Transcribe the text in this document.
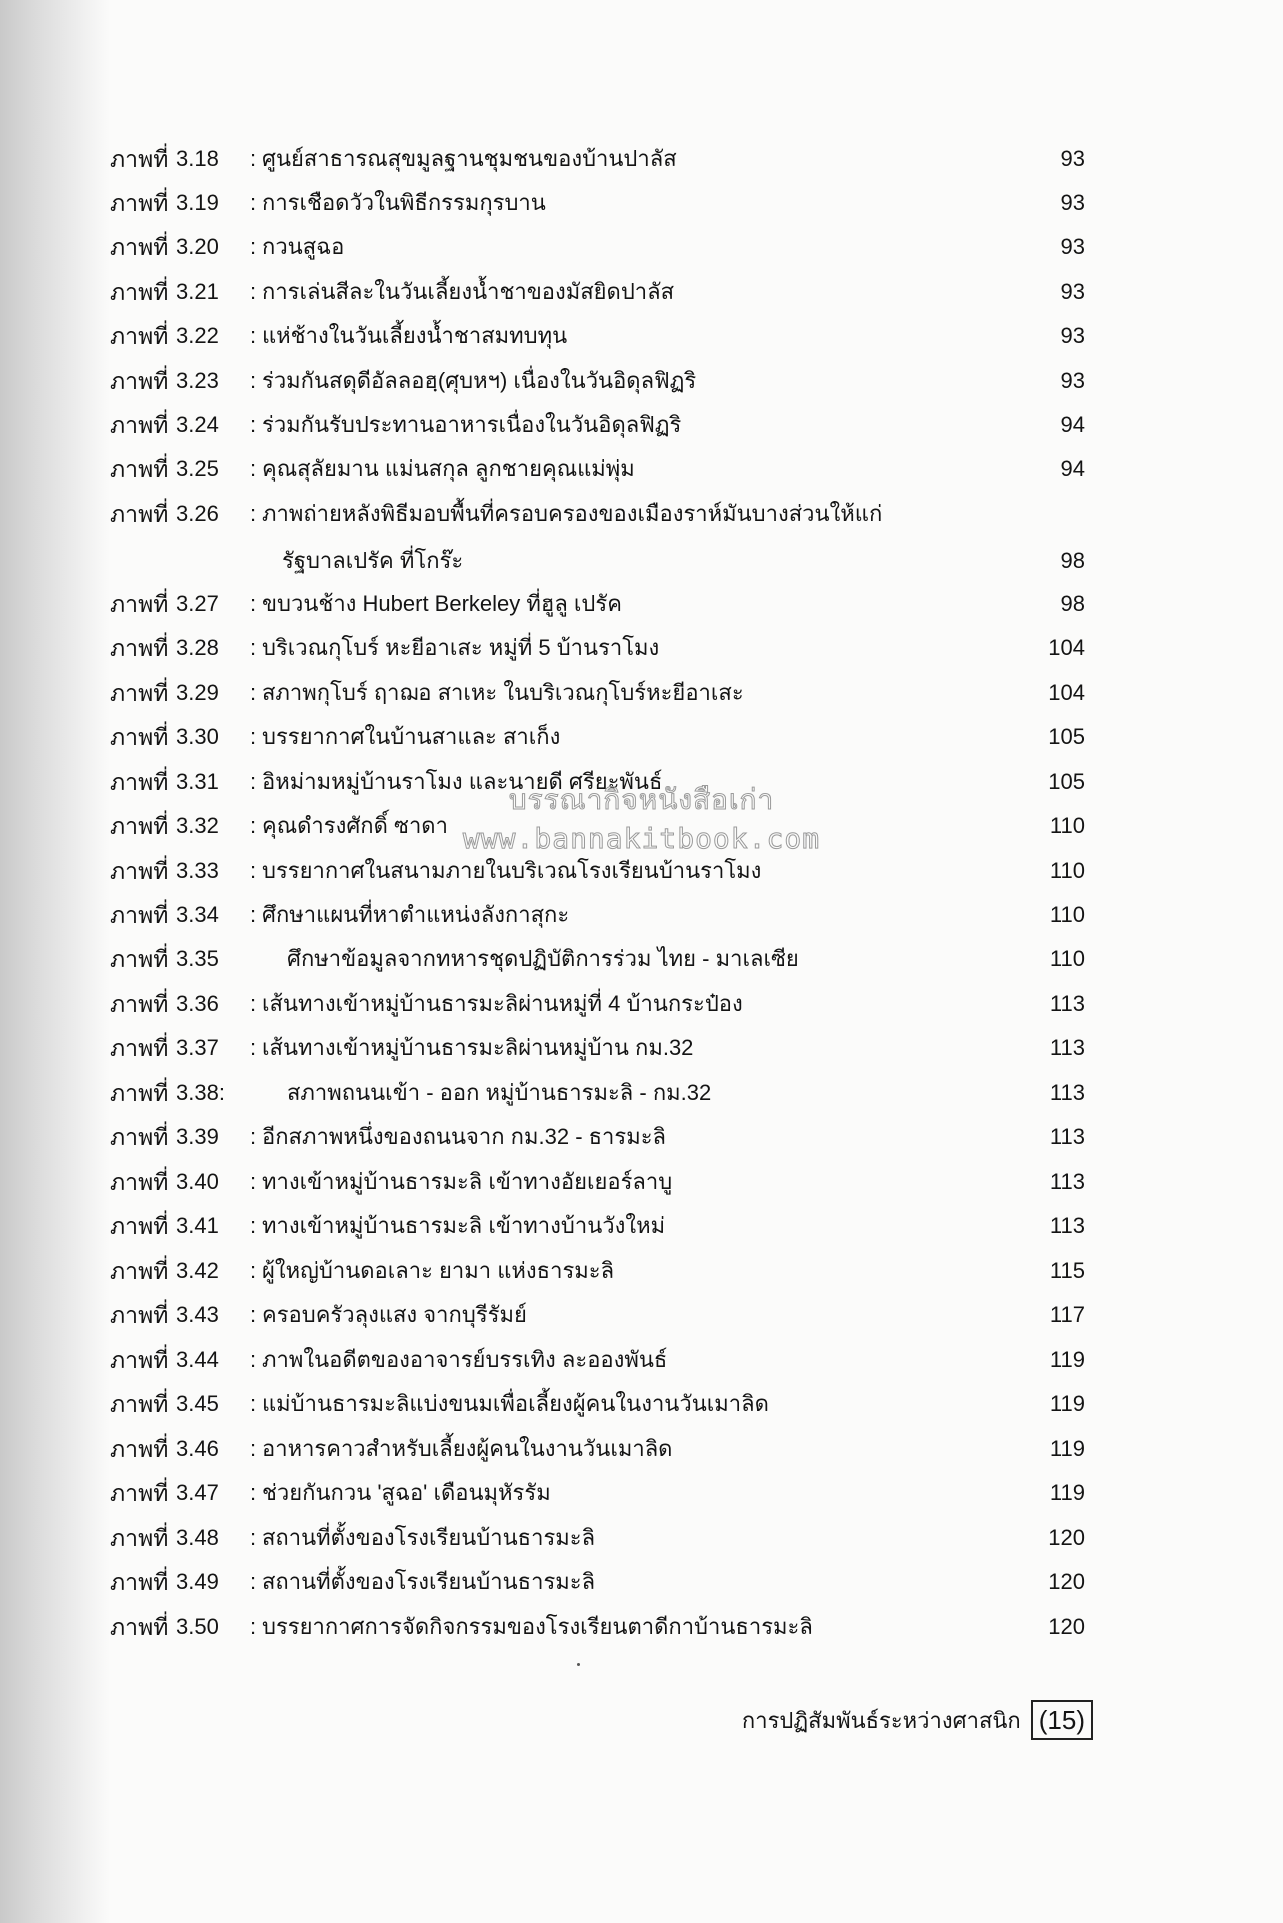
ภาพที่ 3.18 : ศูนย์สาธารณสุขมูลฐานชุมชนของบ้านปาลัส	93
ภาพที่ 3.19 : การเชือดวัวในพิธีกรรมกุรบาน	93
ภาพที่ 3.20 : กวนสูฉอ	93
ภาพที่ 3.21 : การเล่นสีละในวันเลี้ยงน้ำชาของมัสยิดปาลัส	93
ภาพที่ 3.22 : แห่ช้างในวันเลี้ยงน้ำชาสมทบทุน	93
ภาพที่ 3.23 : ร่วมกันสดุดีอัลลอฮฺ(ศุบหฯ) เนื่องในวันอิดุลฟิฏริ	93
ภาพที่ 3.24 : ร่วมกันรับประทานอาหารเนื่องในวันอิดุลฟิฏริ	94
ภาพที่ 3.25 : คุณสุลัยมาน แม่นสกุล ลูกชายคุณแม่พุ่ม	94
ภาพที่ 3.26 : ภาพถ่ายหลังพิธีมอบพื้นที่ครอบครองของเมืองราห์มันบางส่วนให้แก่
รัฐบาลเปรัค ที่โกร๊ะ	98
ภาพที่ 3.27 : ขบวนช้าง Hubert Berkeley ที่ฮูลู เปรัค	98
ภาพที่ 3.28 : บริเวณกุโบร์ หะยีอาเสะ หมู่ที่ 5 บ้านราโมง	104
ภาพที่ 3.29 : สภาพกุโบร์ ฤาฌอ สาเหะ ในบริเวณกุโบร์หะยีอาเสะ	104
ภาพที่ 3.30 : บรรยากาศในบ้านสาและ สาเก็ง	105
ภาพที่ 3.31 : อิหม่ามหมู่บ้านราโมง และนายดี ศรียะพันธ์	105
ภาพที่ 3.32 : คุณดำรงศักดิ์ ซาดา	110
ภาพที่ 3.33 : บรรยากาศในสนามภายในบริเวณโรงเรียนบ้านราโมง	110
ภาพที่ 3.34 : ศึกษาแผนที่หาตำแหน่งลังกาสุกะ	110
ภาพที่ 3.35	ศึกษาข้อมูลจากทหารชุดปฏิบัติการร่วม ไทย - มาเลเซีย	110
ภาพที่ 3.36 : เส้นทางเข้าหมู่บ้านธารมะลิผ่านหมู่ที่ 4 บ้านกระป๋อง	113
ภาพที่ 3.37 : เส้นทางเข้าหมู่บ้านธารมะลิผ่านหมู่บ้าน กม.32	113
ภาพที่ 3.38:	สภาพถนนเข้า - ออก หมู่บ้านธารมะลิ - กม.32	113
ภาพที่ 3.39 : อีกสภาพหนึ่งของถนนจาก กม.32 - ธารมะลิ	113
ภาพที่ 3.40 : ทางเข้าหมู่บ้านธารมะลิ เข้าทางอัยเยอร์ลาบู	113
ภาพที่ 3.41 : ทางเข้าหมู่บ้านธารมะลิ เข้าทางบ้านวังใหม่	113
ภาพที่ 3.42 : ผู้ใหญ่บ้านดอเลาะ ยามา แห่งธารมะลิ	115
ภาพที่ 3.43 : ครอบครัวลุงแสง จากบุรีรัมย์	117
ภาพที่ 3.44 : ภาพในอดีตของอาจารย์บรรเทิง ละอองพันธ์	119
ภาพที่ 3.45 : แม่บ้านธารมะลิแบ่งขนมเพื่อเลี้ยงผู้คนในงานวันเมาลิด	119
ภาพที่ 3.46 : อาหารคาวสำหรับเลี้ยงผู้คนในงานวันเมาลิด	119
ภาพที่ 3.47 : ช่วยกันกวน 'สูฉอ' เดือนมุหัรรัม	119
ภาพที่ 3.48 : สถานที่ตั้งของโรงเรียนบ้านธารมะลิ	120
ภาพที่ 3.49 : สถานที่ตั้งของโรงเรียนบ้านธารมะลิ	120
ภาพที่ 3.50 : บรรยากาศการจัดกิจกรรมของโรงเรียนตาดีกาบ้านธารมะลิ	120
บรรณากิจหนังสือเก่า
www.bannakitbook.com
การปฏิสัมพันธ์ระหว่างศาสนิก (15)
